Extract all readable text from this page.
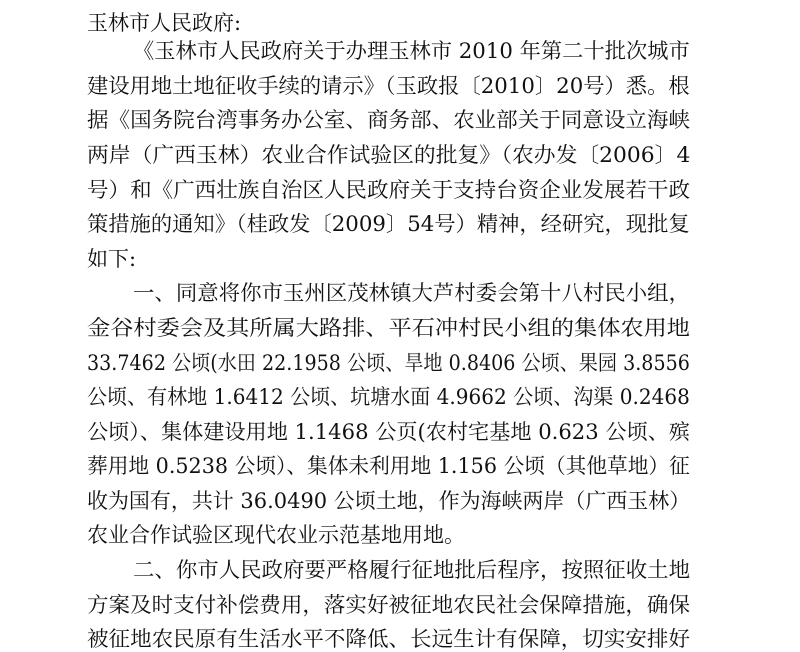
玉林市人民政府:
《玉林市人民政府关于办理玉林市 2010 年第二十批次城市
建设用地土地征收手续的请示》（玉政报〔2010〕20号）悉。根
据《国务院台湾事务办公室、商务部、农业部关于同意设立海峡
两岸（广西玉林）农业合作试验区的批复》（农办发〔2006〕4
号）和《广西壮族自治区人民政府关于支持台资企业发展若干政
策措施的通知》（桂政发〔2009〕54号）精神，经研究，现批复
如下:
一、同意将你市玉州区茂林镇大芦村委会第十八村民小组，
金谷村委会及其所属大路排、平石冲村民小组的集体农用地
33.7462 公顷(水田 22.1958 公顷、旱地 0.8406 公顷、果园 3.8556
公顷、有林地 1.6412 公顷、坑塘水面 4.9662 公顷、沟渠 0.2468
公顷）、集体建设用地 1.1468 公页(农村宅基地 0.623 公顷、殡
葬用地 0.5238 公顷）、集体未利用地 1.156 公顷（其他草地）征
收为国有，共计 36.0490 公顷土地，作为海峡两岸（广西玉林）
农业合作试验区现代农业示范基地用地。
二、你市人民政府要严格履行征地批后程序，按照征收土地
方案及时支付补偿费用，落实好被征地农民社会保障措施，确保
被征地农民原有生活水平不降低、长远生计有保障，切实安排好
